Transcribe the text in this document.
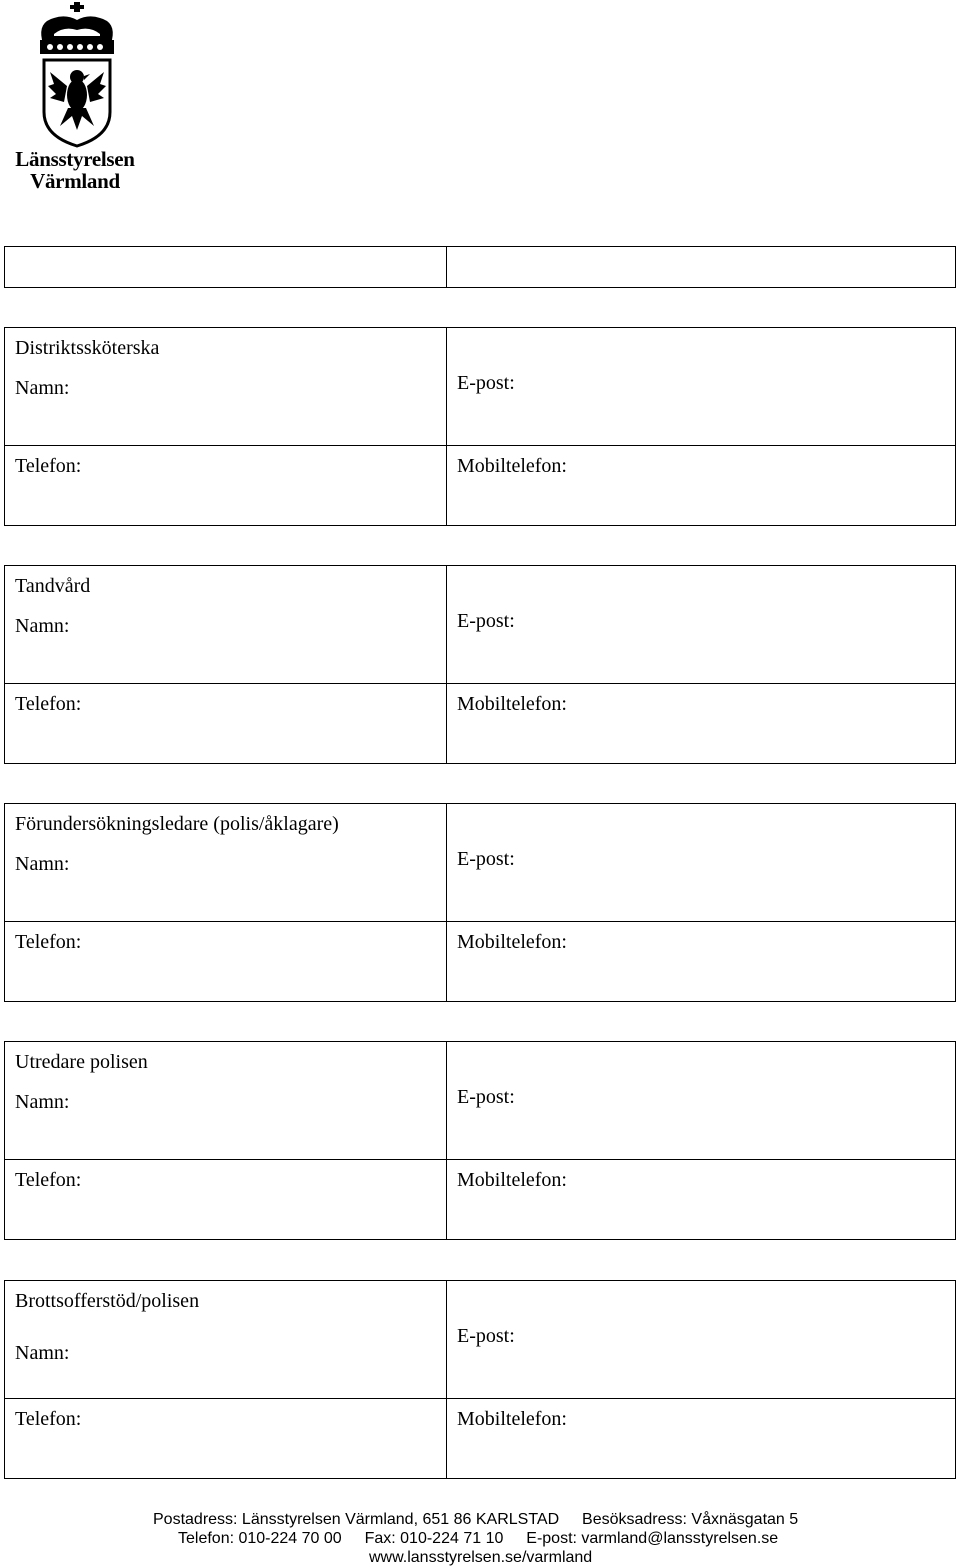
Länsstyrelsen
Värmland

Distriktssköterska
Namn:	E-post:

Telefon:	Mobiltelefon:
Tandvård
Namn:	E-post:

Telefon:	Mobiltelefon:
Förundersökningsledare (polis/åklagare)
Namn:	E-post:

Telefon:	Mobiltelefon:
Utredare polisen
Namn:	E-post:

Telefon:	Mobiltelefon:
Brottsofferstöd/polisen
Namn:	E-post:

Telefon:	Mobiltelefon:
Postadress: Länsstyrelsen Värmland, 651 86 KARLSTAD Besöksadress: Våxnäsgatan 5
Telefon: 010-224 70 00 Fax: 010-224 71 10 E-post: varmland@lansstyrelsen.se
www.lansstyrelsen.se/varmland
